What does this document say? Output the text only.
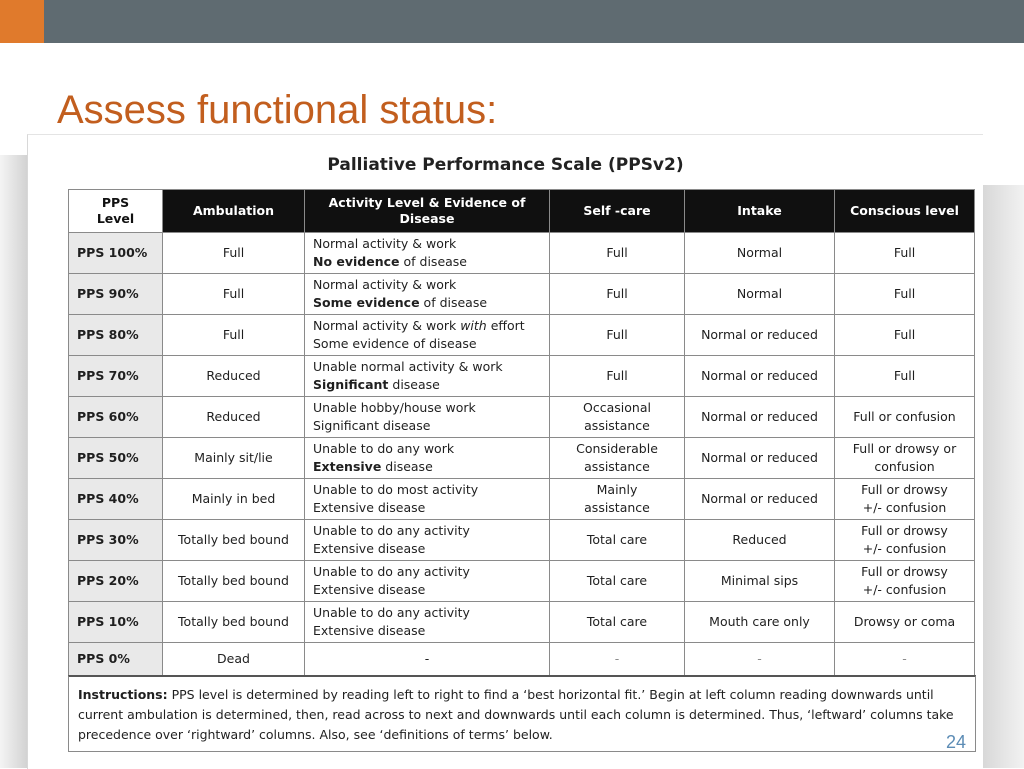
Assess functional status:
Palliative Performance Scale (PPSv2)
PPS
Level	Ambulation	Activity Level & Evidence of
Disease	Self -care	Intake	Conscious level
PPS 100%	Full	Normal activity & work
No evidence of disease	Full	Normal	Full
PPS 90%	Full	Normal activity & work
Some evidence of disease	Full	Normal	Full
PPS 80%	Full	Normal activity & work with effort
Some evidence of disease	Full	Normal or reduced	Full
PPS 70%	Reduced	Unable normal activity & work
Significant disease	Full	Normal or reduced	Full
PPS 60%	Reduced	Unable hobby/house work
Significant disease	Occasional
assistance	Normal or reduced	Full or confusion
PPS 50%	Mainly sit/lie	Unable to do any work
Extensive disease	Considerable
assistance	Normal or reduced	Full or drowsy or
confusion
PPS 40%	Mainly in bed	Unable to do most activity
Extensive disease	Mainly
assistance	Normal or reduced	Full or drowsy
+/- confusion
PPS 30%	Totally bed bound	Unable to do any activity
Extensive disease	Total care	Reduced	Full or drowsy
+/- confusion
PPS 20%	Totally bed bound	Unable to do any activity
Extensive disease	Total care	Minimal sips	Full or drowsy
+/- confusion
PPS 10%	Totally bed bound	Unable to do any activity
Extensive disease	Total care	Mouth care only	Drowsy or coma
PPS 0%	Dead	-	-	-	-
Instructions: PPS level is determined by reading left to right to find a ‘best horizontal fit.’ Begin at left column reading downwards until current ambulation is determined, then, read across to next and downwards until each column is determined. Thus, ‘leftward’ columns take precedence over ‘rightward’ columns. Also, see ‘definitions of terms’ below.	24
